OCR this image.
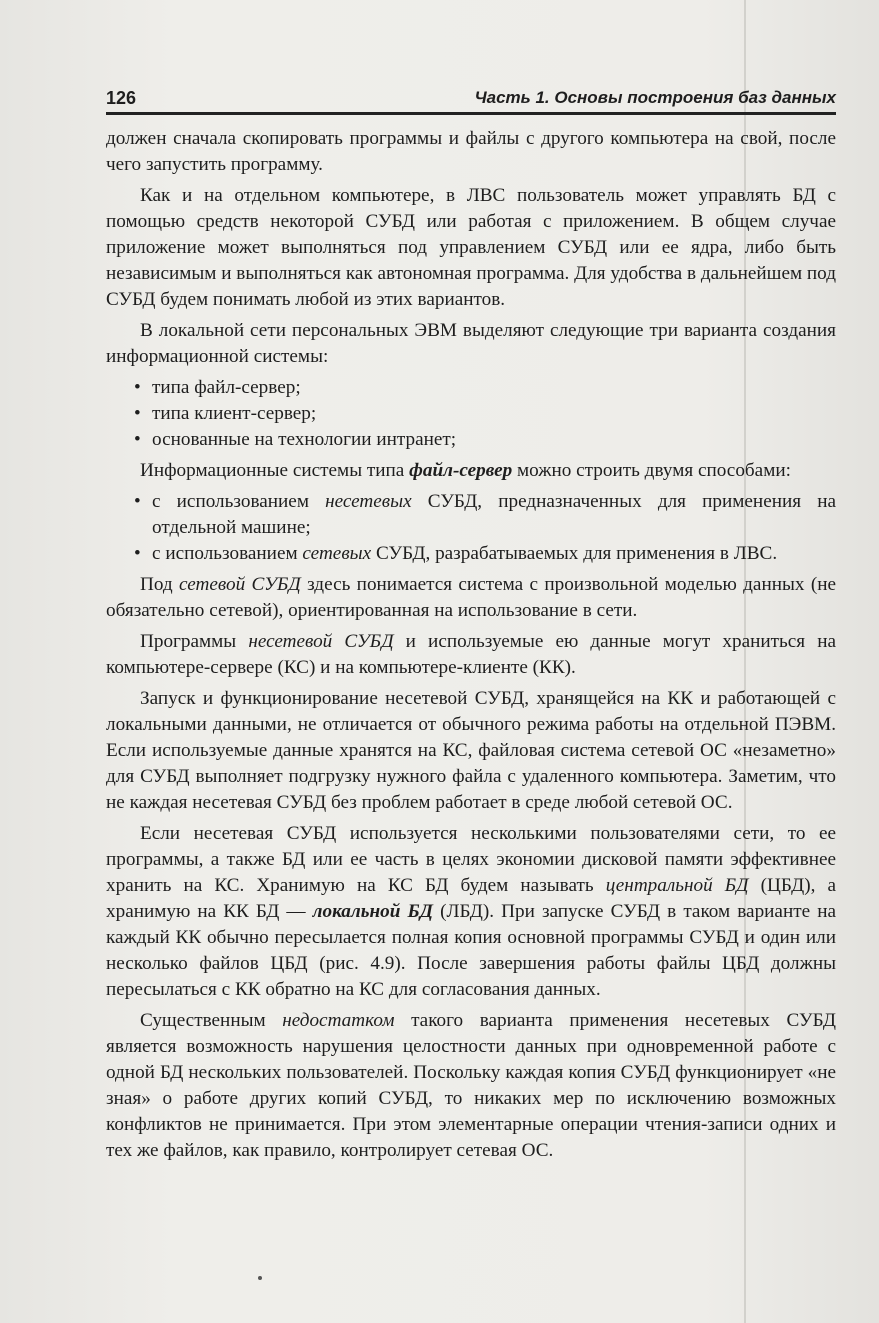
126	Часть 1. Основы построения баз данных

должен сначала скопировать программы и файлы с другого компьютера на свой, после чего запустить программу.

Как и на отдельном компьютере, в ЛВС пользователь может управлять БД с помощью средств некоторой СУБД или работая с приложением. В общем случае приложение может выполняться под управлением СУБД или ее ядра, либо быть независимым и выполняться как автономная программа. Для удобства в дальнейшем под СУБД будем понимать любой из этих вариантов.

В локальной сети персональных ЭВМ выделяют следующие три варианта создания информационной системы:

• типа файл-сервер;
• типа клиент-сервер;
• основанные на технологии интранет;

Информационные системы типа файл-сервер можно строить двумя способами:

• с использованием несетевых СУБД, предназначенных для применения на отдельной машине;
• с использованием сетевых СУБД, разрабатываемых для применения в ЛВС.

Под сетевой СУБД здесь понимается система с произвольной моделью данных (не обязательно сетевой), ориентированная на использование в сети.

Программы несетевой СУБД и используемые ею данные могут храниться на компьютере-сервере (КС) и на компьютере-клиенте (КК).

Запуск и функционирование несетевой СУБД, хранящейся на КК и работающей с локальными данными, не отличается от обычного режима работы на отдельной ПЭВМ. Если используемые данные хранятся на КС, файловая система сетевой ОС «незаметно» для СУБД выполняет подгрузку нужного файла с удаленного компьютера. Заметим, что не каждая несетевая СУБД без проблем работает в среде любой сетевой ОС.

Если несетевая СУБД используется несколькими пользователями сети, то ее программы, а также БД или ее часть в целях экономии дисковой памяти эффективнее хранить на КС. Хранимую на КС БД будем называть центральной БД (ЦБД), а хранимую на КК БД — локальной БД (ЛБД). При запуске СУБД в таком варианте на каждый КК обычно пересылается полная копия основной программы СУБД и один или несколько файлов ЦБД (рис. 4.9). После завершения работы файлы ЦБД должны пересылаться с КК обратно на КС для согласования данных.

Существенным недостатком такого варианта применения несетевых СУБД является возможность нарушения целостности данных при одновременной работе с одной БД нескольких пользователей. Поскольку каждая копия СУБД функционирует «не зная» о работе других копий СУБД, то никаких мер по исключению возможных конфликтов не принимается. При этом элементарные операции чтения-записи одних и тех же файлов, как правило, контролирует сетевая ОС.
